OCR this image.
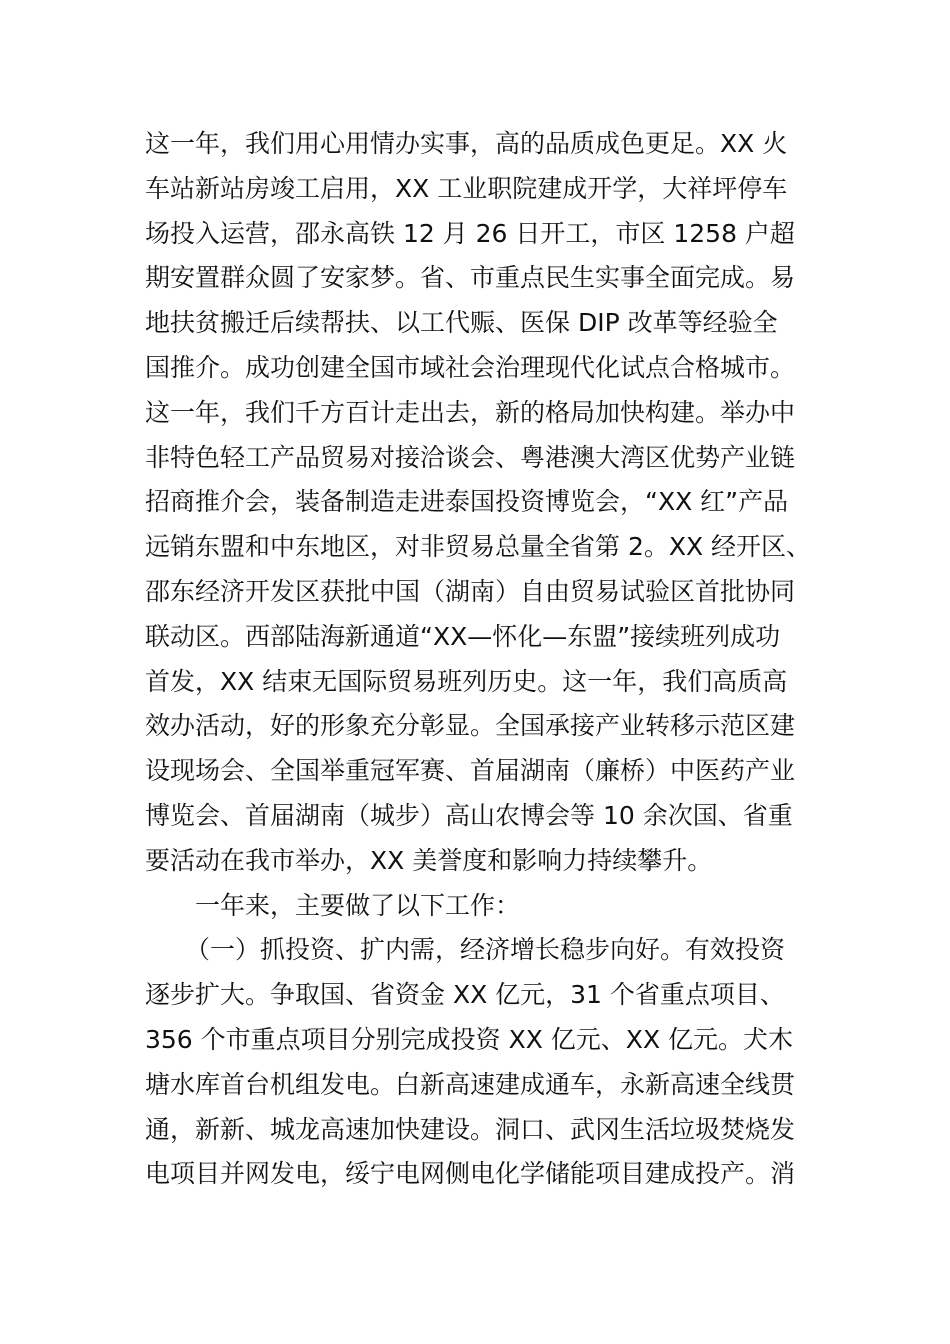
这一年，我们用心用情办实事，高的品质成色更足。XX 火
车站新站房竣工启用，XX 工业职院建成开学，大祥坪停车
场投入运营，邵永高铁 12 月 26 日开工，市区 1258 户超
期安置群众圆了安家梦。省、市重点民生实事全面完成。易
地扶贫搬迁后续帮扶、以工代赈、医保 DIP 改革等经验全
国推介。成功创建全国市域社会治理现代化试点合格城市。
这一年，我们千方百计走出去，新的格局加快构建。举办中
非特色轻工产品贸易对接洽谈会、粤港澳大湾区优势产业链
招商推介会，装备制造走进泰国投资博览会，“XX 红”产品
远销东盟和中东地区，对非贸易总量全省第 2。XX 经开区、
邵东经济开发区获批中国（湖南）自由贸易试验区首批协同
联动区。西部陆海新通道“XX—怀化—东盟”接续班列成功
首发，XX 结束无国际贸易班列历史。这一年，我们高质高
效办活动，好的形象充分彰显。全国承接产业转移示范区建
设现场会、全国举重冠军赛、首届湖南（廉桥）中医药产业
博览会、首届湖南（城步）高山农博会等 10 余次国、省重
要活动在我市举办，XX 美誉度和影响力持续攀升。
一年来，主要做了以下工作：
（一）抓投资、扩内需，经济增长稳步向好。有效投资
逐步扩大。争取国、省资金 XX 亿元，31 个省重点项目、
356 个市重点项目分别完成投资 XX 亿元、XX 亿元。犬木
塘水库首台机组发电。白新高速建成通车，永新高速全线贯
通，新新、城龙高速加快建设。洞口、武冈生活垃圾焚烧发
电项目并网发电，绥宁电网侧电化学储能项目建成投产。消
